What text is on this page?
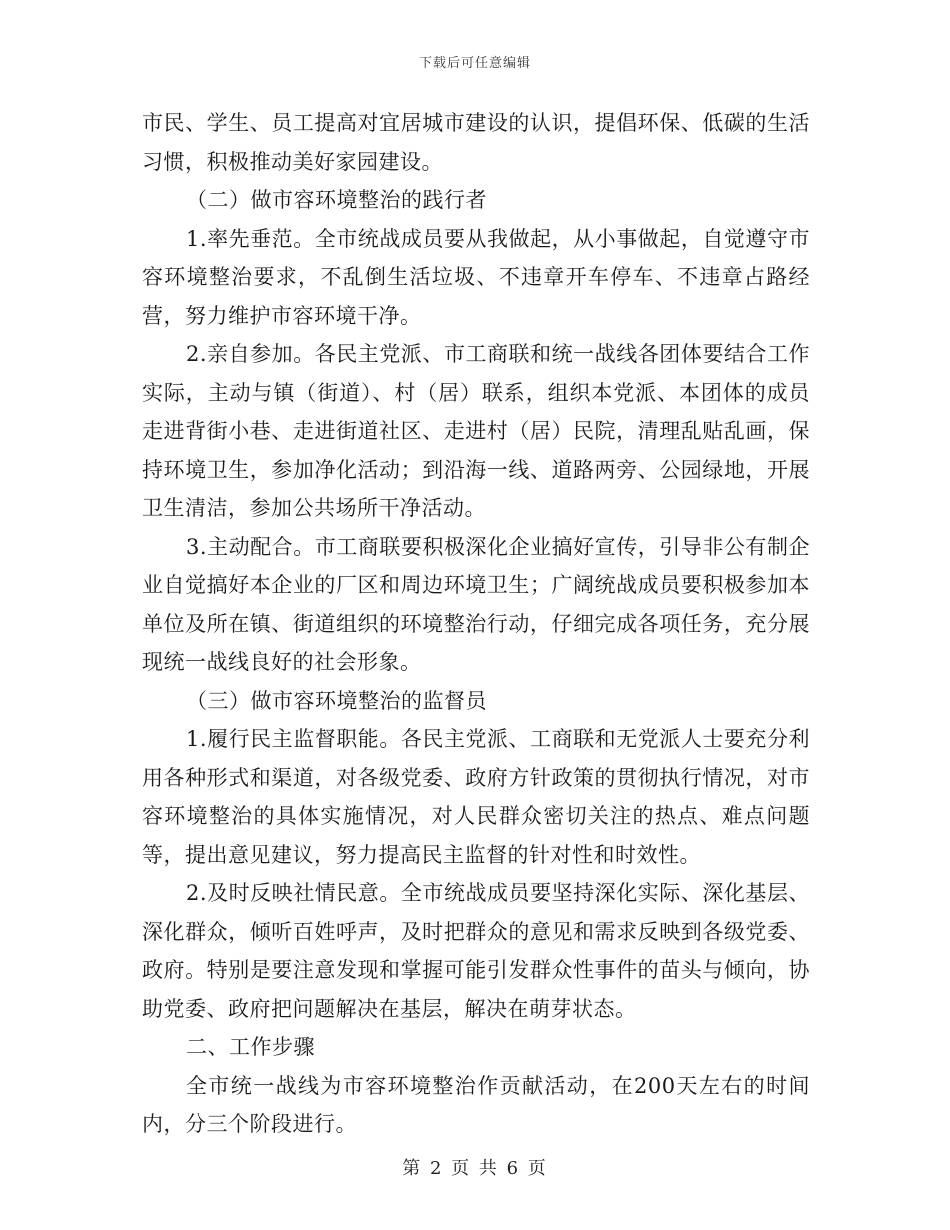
下载后可任意编辑

市民、学生、员工提高对宜居城市建设的认识，提倡环保、低碳的生活习惯，积极推动美好家园建设。

（二）做市容环境整治的践行者

1.率先垂范。全市统战成员要从我做起，从小事做起，自觉遵守市容环境整治要求，不乱倒生活垃圾、不违章开车停车、不违章占路经营，努力维护市容环境干净。

2.亲自参加。各民主党派、市工商联和统一战线各团体要结合工作实际，主动与镇（街道）、村（居）联系，组织本党派、本团体的成员走进背街小巷、走进街道社区、走进村（居）民院，清理乱贴乱画，保持环境卫生，参加净化活动；到沿海一线、道路两旁、公园绿地，开展卫生清洁，参加公共场所干净活动。

3.主动配合。市工商联要积极深化企业搞好宣传，引导非公有制企业自觉搞好本企业的厂区和周边环境卫生；广阔统战成员要积极参加本单位及所在镇、街道组织的环境整治行动，仔细完成各项任务，充分展现统一战线良好的社会形象。

（三）做市容环境整治的监督员

1.履行民主监督职能。各民主党派、工商联和无党派人士要充分利用各种形式和渠道，对各级党委、政府方针政策的贯彻执行情况，对市容环境整治的具体实施情况，对人民群众密切关注的热点、难点问题等，提出意见建议，努力提高民主监督的针对性和时效性。

2.及时反映社情民意。全市统战成员要坚持深化实际、深化基层、深化群众，倾听百姓呼声，及时把群众的意见和需求反映到各级党委、政府。特别是要注意发现和掌握可能引发群众性事件的苗头与倾向，协助党委、政府把问题解决在基层，解决在萌芽状态。

二、工作步骤

全市统一战线为市容环境整治作贡献活动，在200天左右的时间内，分三个阶段进行。

第 2 页 共 6 页
